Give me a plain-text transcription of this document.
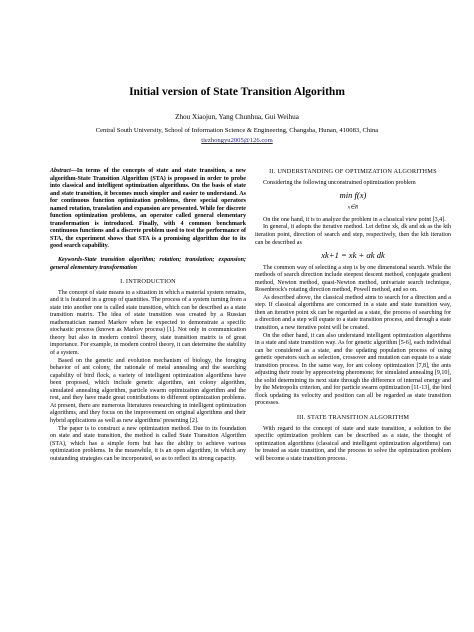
Initial version of State Transition Algorithm
Zhou Xiaojun, Yang Chunhua, Gui Weihua
Central South University, School of Information Science & Engineering, Changsha, Hunan, 410083, China
tiezhongyu2005@126.com

Abstract—In terms of the concepts of state and state transition, a new algorithm-State Transition Algorithm (STA) is proposed in order to probe into classical and intelligent optimization algorithms. On the basis of state and state transition, it becomes much simpler and easier to understand. As for continuous function optimization problems, three special operators named rotation, translation and expansion are presented. While for discrete function optimization problems, an operator called general elementary transformation is introduced. Finally, with 4 common benchmark continuous functions and a discrete problem used to test the performance of STA, the experiment shows that STA is a promising algorithm due to its good search capability.

Keywords-State transition algorithm; rotation; translation; expansion; general elementary transformation

I. INTRODUCTION

The concept of state means to a situation in which a material system remains, and it is featured in a group of quantities. The process of a system turning from a state into another one is called state transition, which can be described as a state transition matrix. The idea of state transition was created by a Russian mathematician named Markov when he expected to demonstrate a specific stochastic process (known as Markov process) [1]. Not only in communication theory but also in modern control theory, state transition matrix is of great importance. For example, in modern control theory, it can determine the stability of a system.

Based on the genetic and evolution mechanism of biology, the foraging behavior of ant colony, the rationale of metal annealing and the searching capability of bird flock, a variety of intelligent optimization algorithms have been proposed, which include genetic algorithm, ant colony algorithm, simulated annealing algorithm, particle swarm optimization algorithm and the rest, and they have made great contributions to different optimization problems. At present, there are numerous literatures researching in intelligent optimization algorithms, and they focus on the improvement on original algorithms and their hybrid applications as well as new algorithms' presenting [2].

The paper is to construct a new optimization method. Due to its foundation on state and state transition, the method is called State Transition Algorithm (STA), which has a simple form but has the ability to achieve various optimization problems. In the meanwhile, it is an open algorithm, in which any outstanding strategies can be incorporated, so as to reflect its strong capacity.

II. UNDERSTANDING OF OPTIMIZATION ALGORITHMS

Considering the following unconstrained optimization problem

min f(x)
$_{x\in R}$

On the one hand, it is to analyze the problem in a classical view point [3,4].

In general, it adopts the iterative method. Let define xk, dk and αk as the kth iteration point, direction of search and step, respectively, then the kth iteration can be described as

xk+1 = xk + αk dk

The common way of selecting a step is by one dimensional search. While the methods of search direction include steepest descent method, conjugate gradient method, Newton method, quasi-Newton method, univariate search technique, Rosenbrock's rotating direction method, Powell method, and so on.

As described above, the classical method aims to search for a direction and a step. If classical algorithms are concerned in a state and state transition way, then an iterative point xk can be regarded as a state, the process of searching for a direction and a step will equate to a state transition process, and through a state transition, a new iterative point will be created.

On the other hand, it can also understand intelligent optimization algorithms in a state and state transition way. As for genetic algorithm [5-6], each individual can be considered as a state, and the updating population process of using genetic operators such as selection, crossover and mutation can equate to a state transition process. In the same way, for ant colony optimization [7,8], the ants adjusting their route by appreceiving pheromone; for simulated annealing [9,10], the solid determining its next state through the difference of internal energy and by the Metropolis criterion, and for particle swarm optimization [11-13], the bird flock updating its velocity and position can all be regarded as state transition processes.

III. STATE TRANSITION ALGORITHM

With regard to the concept of state and state transition, a solution to the specific optimization problem can be described as a state, the thought of optimization algorithms (classical and intelligent optimization algorithms) can be treated as state transition, and the process to solve the optimization problem will become a state transition process.
